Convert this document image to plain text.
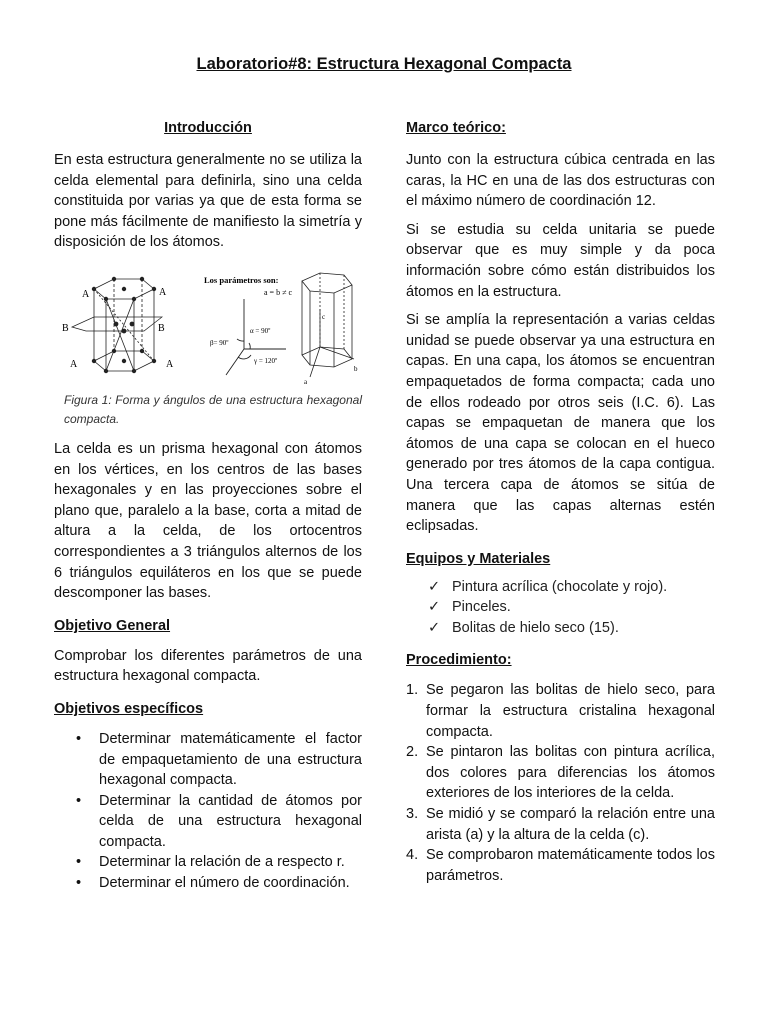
Laboratorio#8: Estructura Hexagonal Compacta
Introducción

En esta estructura generalmente no se utiliza la celda elemental para definirla, sino una celda constituida por varias ya que de esta forma se pone más fácilmente de manifiesto la simetría y disposición de los átomos.

A	A
B	B
A	A
Los parámetros son:
a = b ≠ c
α = 90º
β= 90º
γ = 120º
c
a
b
Figura 1: Forma y ángulos de una estructura hexagonal compacta.

La celda es un prisma hexagonal con átomos en los vértices, en los centros de las bases hexagonales y en las proyecciones sobre el plano que, paralelo a la base, corta a mitad de altura a la celda, de los ortocentros correspondientes a 3 triángulos alternos de los 6 triángulos equiláteros en los que se puede descomponer las bases.

Objetivo General

Comprobar los diferentes parámetros de una estructura hexagonal compacta.

Objetivos específicos
• Determinar matemáticamente el factor de empaquetamiento de una estructura hexagonal compacta.
• Determinar la cantidad de átomos por celda de una estructura hexagonal compacta.
• Determinar la relación de a respecto r.
• Determinar el número de coordinación.
Marco teórico:

Junto con la estructura cúbica centrada en las caras, la HC en una de las dos estructuras con el máximo número de coordinación 12.

Si se estudia su celda unitaria se puede observar que es muy simple y da poca información sobre cómo están distribuidos los átomos en la estructura.

Si se amplía la representación a varias celdas unidad se puede observar ya una estructura en capas. En una capa, los átomos se encuentran empaquetados de forma compacta; cada uno de ellos rodeado por otros seis (I.C. 6). Las capas se empaquetan de manera que los átomos de una capa se colocan en el hueco generado por tres átomos de la capa contigua. Una tercera capa de átomos se sitúa de manera que las capas alternas estén eclipsadas.

Equipos y Materiales
✓ Pintura acrílica (chocolate y rojo).
✓ Pinceles.
✓ Bolitas de hielo seco (15).
Procedimiento:
1. Se pegaron las bolitas de hielo seco, para formar la estructura cristalina hexagonal compacta.
2. Se pintaron las bolitas con pintura acrílica, dos colores para diferencias los átomos exteriores de los interiores de la celda.
3. Se midió y se comparó la relación entre una arista (a) y la altura de la celda (c).
4. Se comprobaron matemáticamente todos los parámetros.
